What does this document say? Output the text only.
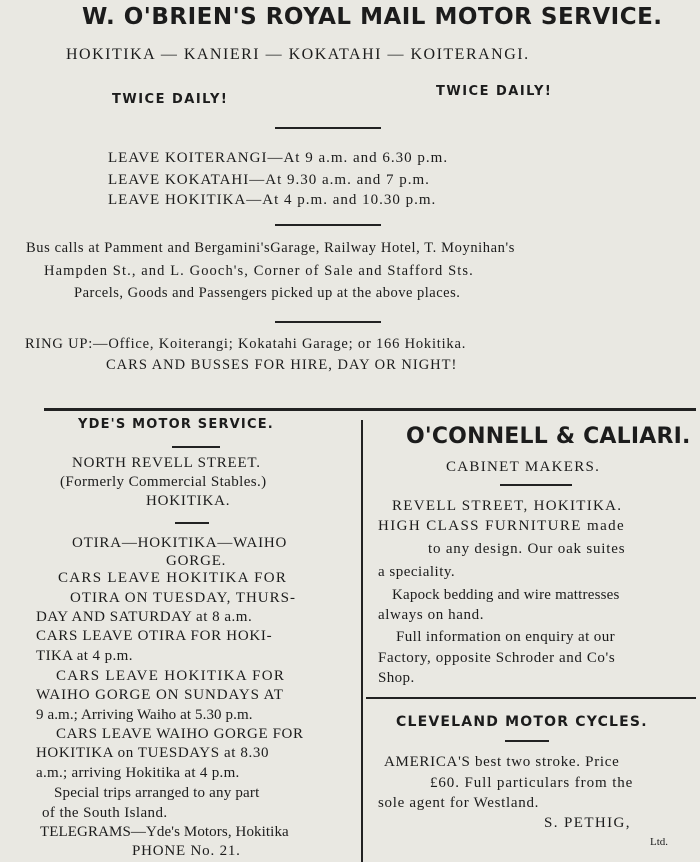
W. O'BRIEN'S ROYAL MAIL MOTOR SERVICE.
HOKITIKA — KANIERI — KOKATAHI — KOITERANGI.
TWICE DAILY!
TWICE DAILY!
LEAVE KOITERANGI—At 9 a.m. and 6.30 p.m.
LEAVE KOKATAHI—At 9.30 a.m. and 7 p.m.
LEAVE HOKITIKA—At 4 p.m. and 10.30 p.m.
Bus calls at Pamment and Bergamini'sGarage, Railway Hotel, T. Moynihan's
Hampden St., and L. Gooch's, Corner of Sale and Stafford Sts.
Parcels, Goods and Passengers picked up at the above places.
RING UP:—Office, Koiterangi; Kokatahi Garage; or 166 Hokitika.
CARS AND BUSSES FOR HIRE, DAY OR NIGHT!
YDE'S MOTOR SERVICE.
NORTH REVELL STREET.
(Formerly Commercial Stables.)
HOKITIKA.
OTIRA—HOKITIKA—WAIHO
GORGE.
CARS LEAVE HOKITIKA FOR
OTIRA ON TUESDAY, THURS-
DAY AND SATURDAY at 8 a.m.
CARS LEAVE OTIRA FOR HOKI-
TIKA at 4 p.m.
CARS LEAVE HOKITIKA FOR
WAIHO GORGE ON SUNDAYS AT
9 a.m.; Arriving Waiho at 5.30 p.m.
CARS LEAVE WAIHO GORGE FOR
HOKITIKA on TUESDAYS at 8.30
a.m.; arriving Hokitika at 4 p.m.
Special trips arranged to any part
of the South Island.
TELEGRAMS—Yde's Motors, Hokitika
PHONE No. 21.
O'CONNELL & CALIARI.
CABINET MAKERS.
REVELL STREET, HOKITIKA.
HIGH CLASS FURNITURE made
to any design. Our oak suites
a speciality.
Kapock bedding and wire mattresses
always on hand.
Full information on enquiry at our
Factory, opposite Schroder and Co's
Shop.
CLEVELAND MOTOR CYCLES.
AMERICA'S best two stroke. Price
£60. Full particulars from the
sole agent for Westland.
S. PETHIG,
Ltd.
